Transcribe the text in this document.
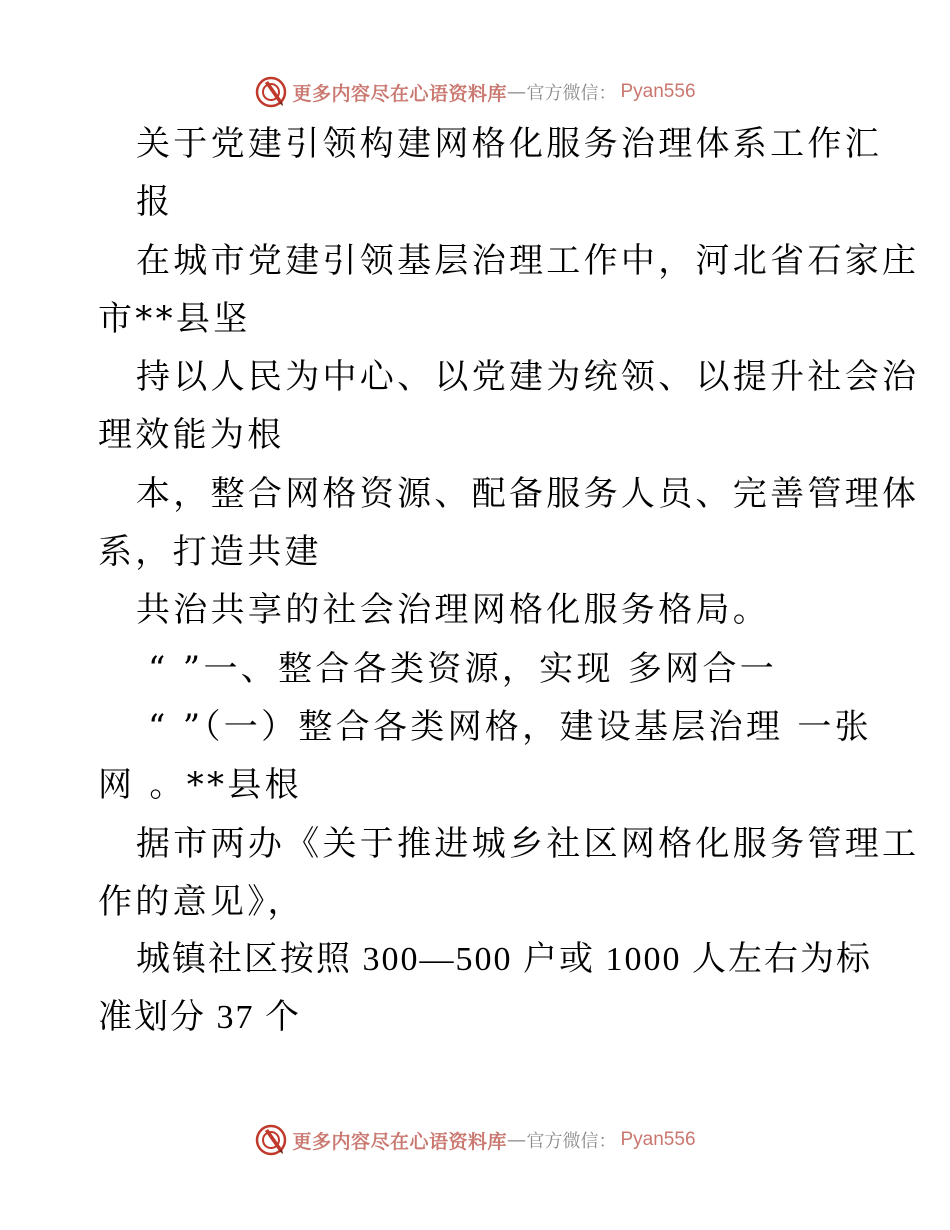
更多内容尽在心语资料库 — 官方微信： Pyan556
关于党建引领构建网格化服务治理体系工作汇
报
在城市党建引领基层治理工作中，河北省石家庄
市**县坚
持以人民为中心、以党建为统领、以提升社会治
理效能为根
本，整合网格资源、配备服务人员、完善管理体
系，打造共建
共治共享的社会治理网格化服务格局。
“ ”一、整合各类资源，实现 多网合一
“ ”（一）整合各类网格，建设基层治理 一张
网 。**县根
据市两办《关于推进城乡社区网格化服务管理工
作的意见》，
城镇社区按照 300—500 户或 1000 人左右为标
准划分 37 个
更多内容尽在心语资料库 — 官方微信： Pyan556
